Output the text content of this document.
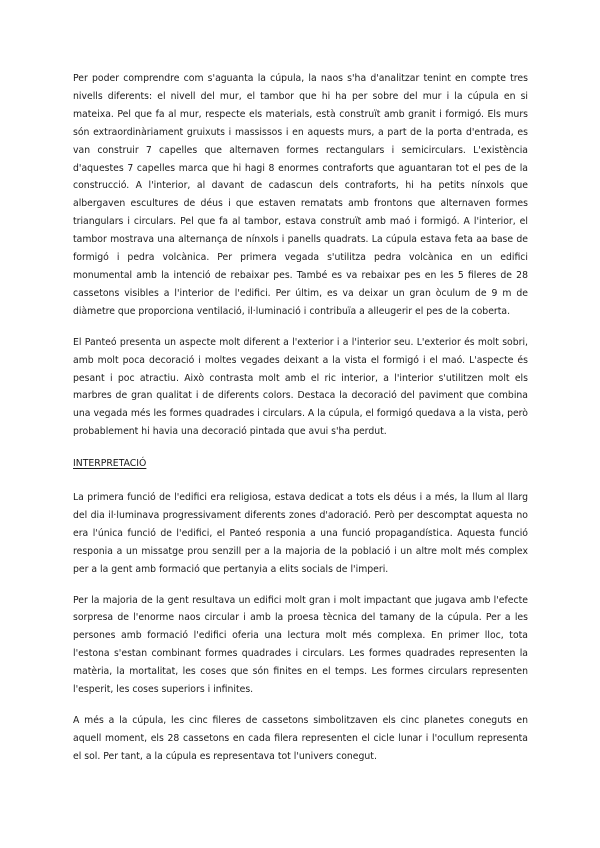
Per poder comprendre com s'aguanta la cúpula, la naos s'ha d'analitzar tenint en compte tres nivells diferents: el nivell del mur, el tambor que hi ha per sobre del mur i la cúpula en si mateixa. Pel que fa al mur, respecte els materials, està construït amb granit i formigó. Els murs són extraordinàriament gruixuts i massissos i en aquests murs, a part de la porta d'entrada, es van construir 7 capelles que alternaven formes rectangulars i semicirculars. L'existència d'aquestes 7 capelles marca que hi hagi 8 enormes contraforts que aguantaran tot el pes de la construcció. A l'interior, al davant de cadascun dels contraforts, hi ha petits nínxols que albergaven escultures de déus i que estaven rematats amb frontons que alternaven formes triangulars i circulars. Pel que fa al tambor, estava construït amb maó i formigó. A l'interior, el tambor mostrava una alternança de nínxols i panells quadrats. La cúpula estava feta aa base de formigó i pedra volcànica. Per primera vegada s'utilitza pedra volcànica en un edifici monumental amb la intenció de rebaixar pes. També es va rebaixar pes en les 5 fileres de 28 cassetons visibles a l'interior de l'edifici. Per últim, es va deixar un gran òculum de 9 m de diàmetre que proporciona ventilació, il·luminació i contribuïa a alleugerir el pes de la coberta.

El Panteó presenta un aspecte molt diferent a l'exterior i a l'interior seu. L'exterior és molt sobri, amb molt poca decoració i moltes vegades deixant a la vista el formigó i el maó. L'aspecte és pesant i poc atractiu. Això contrasta molt amb el ric interior, a l'interior s'utilitzen molt els marbres de gran qualitat i de diferents colors. Destaca la decoració del paviment que combina una vegada més les formes quadrades i circulars. A la cúpula, el formigó quedava a la vista, però probablement hi havia una decoració pintada que avui s'ha perdut.

INTERPRETACIÓ

La primera funció de l'edifici era religiosa, estava dedicat a tots els déus i a més, la llum al llarg del dia il·luminava progressivament diferents zones d'adoració. Però per descomptat aquesta no era l'única funció de l'edifici, el Panteó responia a una funció propagandística. Aquesta funció responia a un missatge prou senzill per a la majoria de la població i un altre molt més complex per a la gent amb formació que pertanyia a elits socials de l'imperi.

Per la majoria de la gent resultava un edifici molt gran i molt impactant que jugava amb l'efecte sorpresa de l'enorme naos circular i amb la proesa tècnica del tamany de la cúpula. Per a les persones amb formació l'edifici oferia una lectura molt més complexa. En primer lloc, tota l'estona s'estan combinant formes quadrades i circulars. Les formes quadrades representen la matèria, la mortalitat, les coses que són finites en el temps. Les formes circulars representen l'esperit, les coses superiors i infinites.

A més a la cúpula, les cinc fileres de cassetons simbolitzaven els cinc planetes coneguts en aquell moment, els 28 cassetons en cada filera representen el cicle lunar i l'ocullum representa el sol. Per tant, a la cúpula es representava tot l'univers conegut.
